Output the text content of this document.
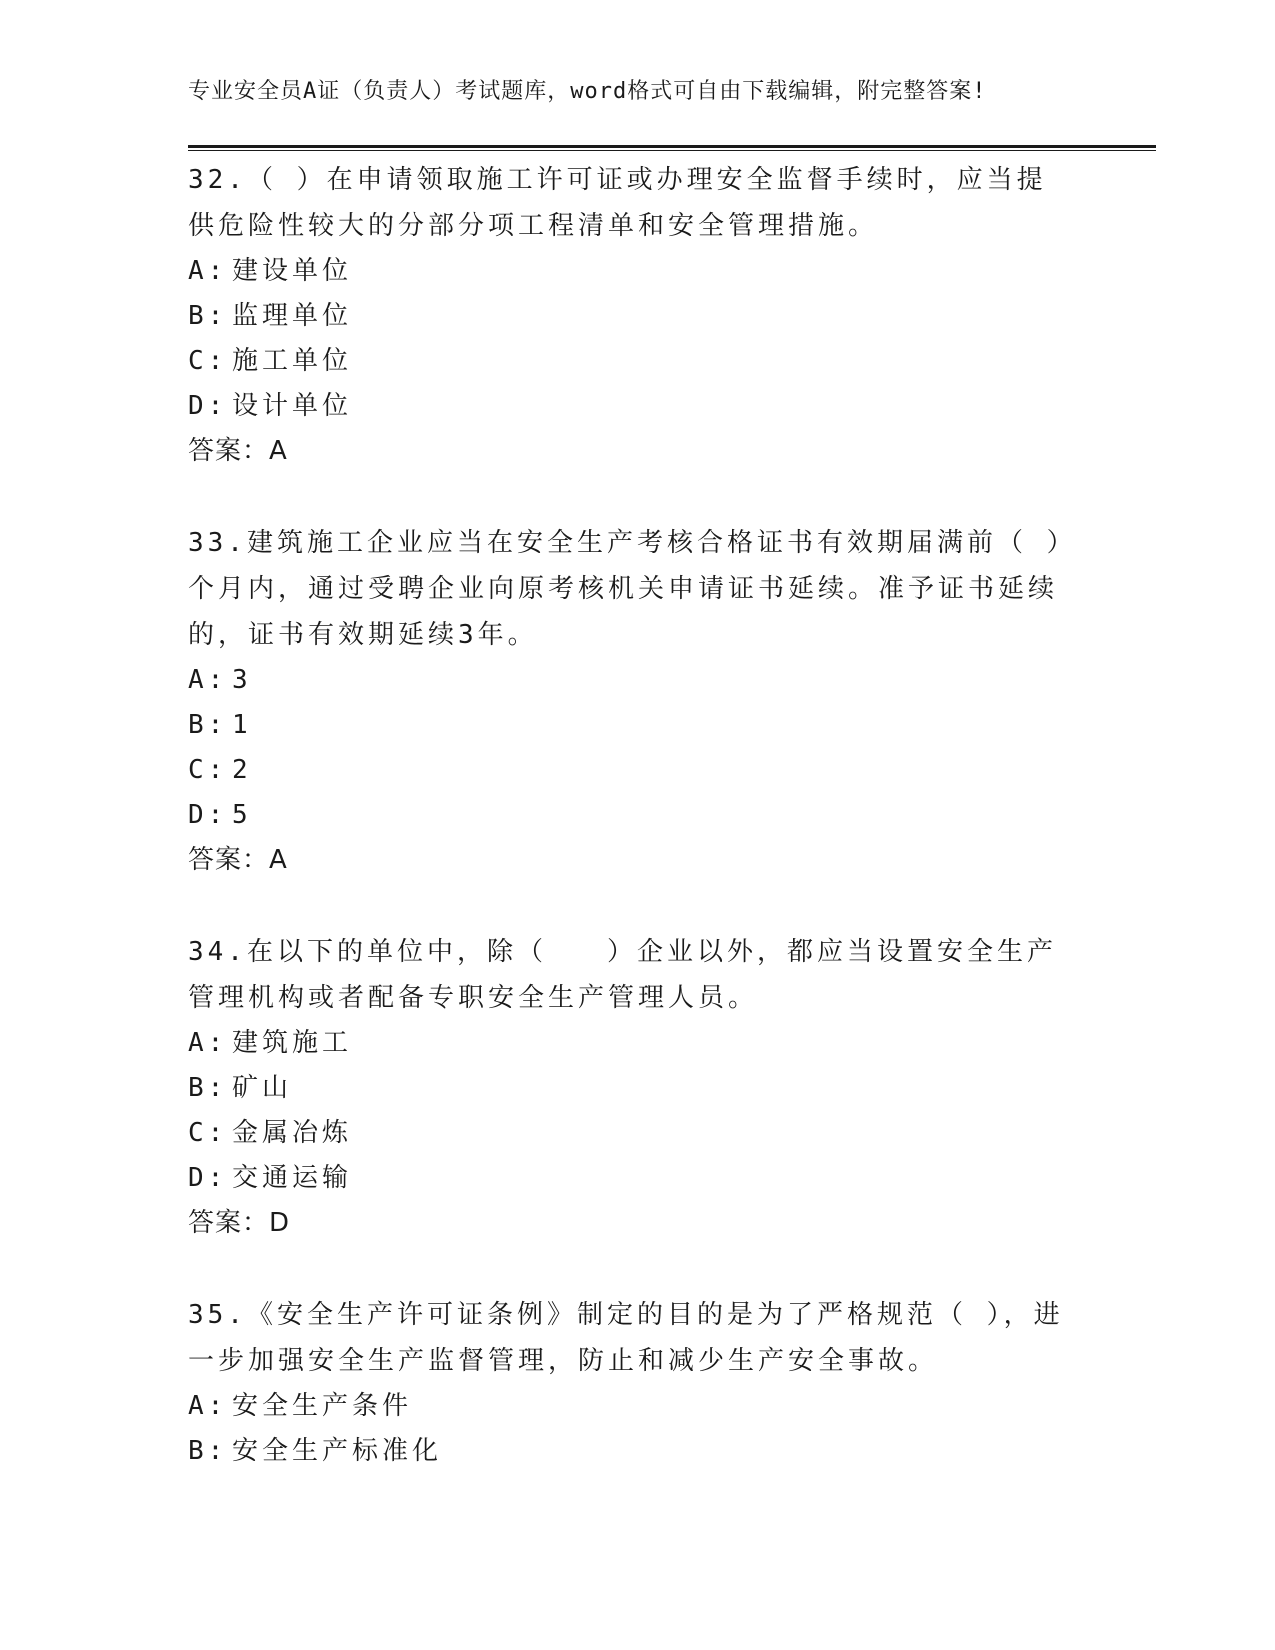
专业安全员A证（负责人）考试题库，word格式可自由下载编辑，附完整答案!

32.（ ）在申请领取施工许可证或办理安全监督手续时，应当提供危险性较大的分部分项工程清单和安全管理措施。

A: 建设单位

B: 监理单位

C: 施工单位

D: 设计单位

答案：A

33.建筑施工企业应当在安全生产考核合格证书有效期届满前（ ）个月内，通过受聘企业向原考核机关申请证书延续。准予证书延续的，证书有效期延续3年。

A: 3

B: 1

C: 2

D: 5

答案：A

34.在以下的单位中，除（　　）企业以外，都应当设置安全生产管理机构或者配备专职安全生产管理人员。

A: 建筑施工

B: 矿山

C: 金属冶炼

D: 交通运输

答案：D

35.《安全生产许可证条例》制定的目的是为了严格规范（ ），进一步加强安全生产监督管理，防止和减少生产安全事故。

A: 安全生产条件

B: 安全生产标准化
